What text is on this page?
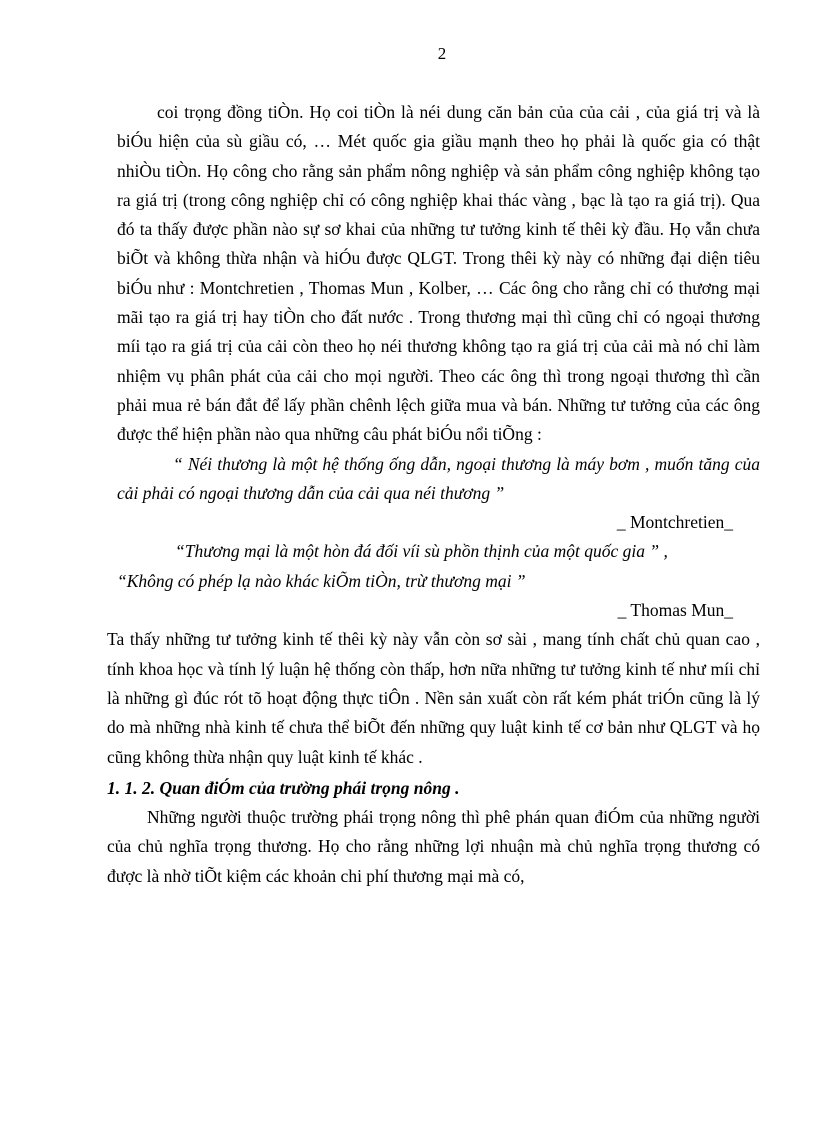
2

coi trọng đồng tiÒn. Họ coi tiÒn là néi dung căn bản của của cải , của giá trị và là biÓu hiện của sù giầu có, … Mét quốc gia giầu mạnh theo họ phải là quốc gia có thật nhiÒu tiÒn. Họ công cho rằng sản phẩm nông nghiệp và sản phẩm công nghiệp không tạo ra giá trị (trong công nghiệp chỉ có công nghiệp khai thác vàng , bạc là tạo ra giá trị). Qua đó ta thấy được phần nào sự sơ khai của những tư tưởng kinh tế thêi kỳ đầu. Họ vẫn chưa biÕt và không thừa nhận và hiÓu được QLGT. Trong thêi kỳ này có những đại diện tiêu biÓu như : Montchretien , Thomas Mun , Kolber, … Các ông cho rằng chỉ có thương mại mãi tạo ra giá trị hay tiÒn cho đất nước . Trong thương mại thì cũng chỉ có ngoại thương míi tạo ra giá trị của cải còn theo họ néi thương không tạo ra giá trị của cải mà nó chỉ làm nhiệm vụ phân phát của cải cho mọi người. Theo các ông thì trong ngoại thương thì cần phải mua rẻ bán đắt để lấy phần chênh lệch giữa mua và bán. Những tư tưởng của các ông được thể hiện phần nào qua những câu phát biÓu nổi tiÕng :

“ Néi thương là một hệ thống ống dẫn, ngoại thương là máy bơm , muốn tăng của cải phải có ngoại thương dẫn của cải qua néi thương ”

_ Montchretien_

“Thương mại là một hòn đá đối víi sù phồn thịnh của một quốc gia ” ,

“Không có phép lạ nào khác kiÕm tiÒn, trừ thương mại ”

_ Thomas Mun_

Ta thấy những tư tưởng kinh tế thêi kỳ này vẫn còn sơ sài , mang tính chất chủ quan cao , tính khoa học và tính lý luận hệ thống còn thấp, hơn nữa những tư tưởng kinh tế như míi chỉ là những gì đúc rót tõ hoạt động thực tiÔn . Nền sản xuất còn rất kém phát triÓn cũng là lý do mà những nhà kinh tế chưa thể biÕt đến những quy luật kinh tế cơ bản như QLGT và họ cũng không thừa nhận quy luật kinh tế khác .

1. 1. 2. Quan điÓm của trường phái trọng nông .

Những người thuộc trường phái trọng nông thì phê phán quan điÓm của những người của chủ nghĩa trọng thương. Họ cho rằng những lợi nhuận mà chủ nghĩa trọng thương có được là nhờ tiÕt kiệm các khoản chi phí thương mại mà có,
